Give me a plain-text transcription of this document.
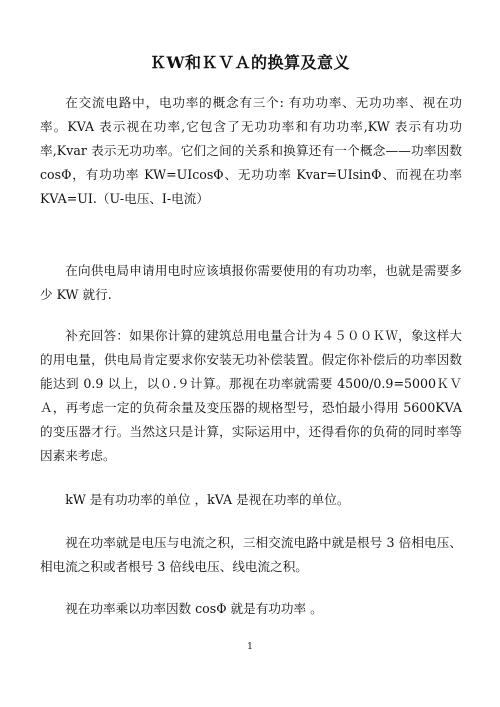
ＫW和ＫＶＡ的换算及意义

在交流电路中，电功率的概念有三个: 有功功率、无功功率、视在功率。KVA 表示视在功率,它包含了无功功率和有功功率,KW 表示有功功率,Kvar 表示无功功率。它们之间的关系和换算还有一个概念——功率因数 cosΦ，有功功率 KW=UIcosΦ、无功功率 Kvar=UIsinΦ、而视在功率 KVA=UI.（U-电压、I-电流）

在向供电局申请用电时应该填报你需要使用的有功功率，也就是需要多少 KW 就行.

补充回答：如果你计算的建筑总用电量合计为４５００ＫＷ，象这样大的用电量，供电局肯定要求你安装无功补偿装置。假定你补偿后的功率因数能达到 0.9 以上，以０.９计算。那视在功率就需要 4500/0.9=5000ＫＶＡ，再考虑一定的负荷余量及变压器的规格型号，恐怕最小得用 5600KVA 的变压器才行。当然这只是计算，实际运用中，还得看你的负荷的同时率等因素来考虑。

kW 是有功功率的单位 ，kVA 是视在功率的单位。

视在功率就是电压与电流之积，三相交流电路中就是根号 3 倍相电压、相电流之积或者根号 3 倍线电压、线电流之积。

视在功率乘以功率因数 cosΦ 就是有功功率 。

1
